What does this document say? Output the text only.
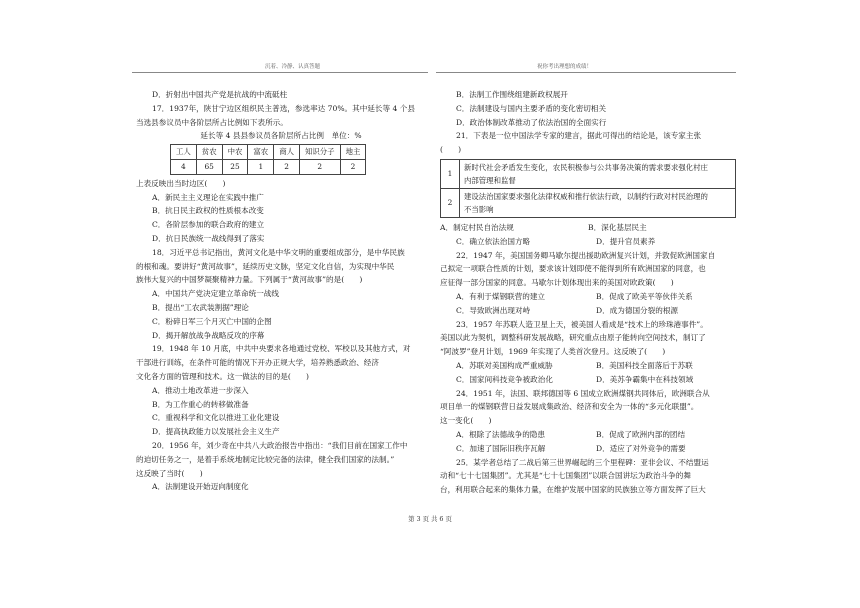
沉着、冷静、认真答题	祝你考出理想的成绩！
D．折射出中国共产党是抗战的中流砥柱
17．1937年，陕甘宁边区组织民主普选，参选率达 70%。其中延长等 4 个县
当选县参议员中各阶层所占比例如下表所示。
延长等 4 县县参议员各阶层所占比例　单位：%
工人	贫农	中农	富农	商人	知识分子	地主
4	65	25	1	2	2	2
上表反映出当时边区(　　)
A．新民主主义理论在实践中推广
B．抗日民主政权的性质根本改变
C．各阶层参加的联合政府的建立
D．抗日民族统一战线得到了落实
18．习近平总书记指出，黄河文化是中华文明的重要组成部分，是中华民族
的根和魂。要讲好“黄河故事”，延续历史文脉，坚定文化自信，为实现中华民
族伟大复兴的中国梦凝聚精神力量。下列属于“黄河故事”的是(　　)
A．中国共产党决定建立革命统一战线
B．提出“工农武装割据”理论
C．粉碎日军三个月灭亡中国的企图
D．揭开解放战争战略反攻的序幕
19．1948 年 10 月底，中共中央要求各地通过党校、军校以及其他方式，对
干部进行训练，在条件可能的情况下开办正规大学，培养熟悉政治、经济
文化各方面的管理和技术。这一做法的目的是(　　)
A．推动土地改革进一步深入
B．为工作重心的转移做准备
C．重视科学和文化以推进工业化建设
D．提高执政能力以发展社会主义生产
20．1956 年，刘少奇在中共八大政治报告中指出：“我们目前在国家工作中
的迫切任务之一，是着手系统地制定比较完备的法律，健全我们国家的法制。”
这反映了当时(　　)
A．法制建设开始迈向制度化
B．法制工作围绕组建新政权展开
C．法制建设与国内主要矛盾的变化密切相关
D．政治体制改革推动了依法治国的全面实行
21．下表是一位中国法学专家的建言，据此可得出的结论是，该专家主张
(　　)
1	新时代社会矛盾发生变化，农民积极参与公共事务决策的需求要求强化村庄
内部管理和监督

2	建设法治国家要求强化法律权威和推行依法行政，以制约行政对村民治理的
不当影响
A．制定村民自治法规	B．深化基层民主
C．确立依法治国方略	D．提升官员素养
22．1947 年，美国国务卿马歇尔提出援助欧洲复兴计划，并敦促欧洲国家自
己拟定一项联合性质的计划，要求该计划即使不能得到所有欧洲国家的同意，也
应征得一部分国家的同意。马歇尔计划体现出来的美国对欧政策(　　)
A．有利于煤钢联营的建立	B．促成了欧美平等伙伴关系
C．导致欧洲出现对峙	D．成为德国分裂的根源
23．1957 年苏联人造卫星上天，被美国人看成是“技术上的珍珠港事件”。
美国以此为契机，调整科研发展战略，研究重点由原子能转向空间技术，制订了
“阿波罗”登月计划，1969 年实现了人类首次登月。这反映了(　　)
A．苏联对美国构成严重威胁	B．美国科技全面落后于苏联
C．国家间科技竞争被政治化	D．美苏争霸集中在科技领域
24．1951 年，法国、联邦德国等 6 国成立欧洲煤钢共同体后，欧洲联合从
项目单一的煤钢联营日益发展成集政治、经济和安全为一体的“多元化联盟”。
这一变化(　　)
A．根除了法德战争的隐患	B．促成了欧洲内部的团结
C．加速了国际旧秩序瓦解	D．适应了对外竞争的需要
25．某学者总结了二战后第三世界崛起的三个里程碑：亚非会议、不结盟运
动和“七十七国集团”。尤其是“七十七国集团”以联合国讲坛为政治斗争的舞
台，利用联合起来的集体力量，在维护发展中国家的民族独立等方面发挥了巨大
第 3 页 共 6 页
